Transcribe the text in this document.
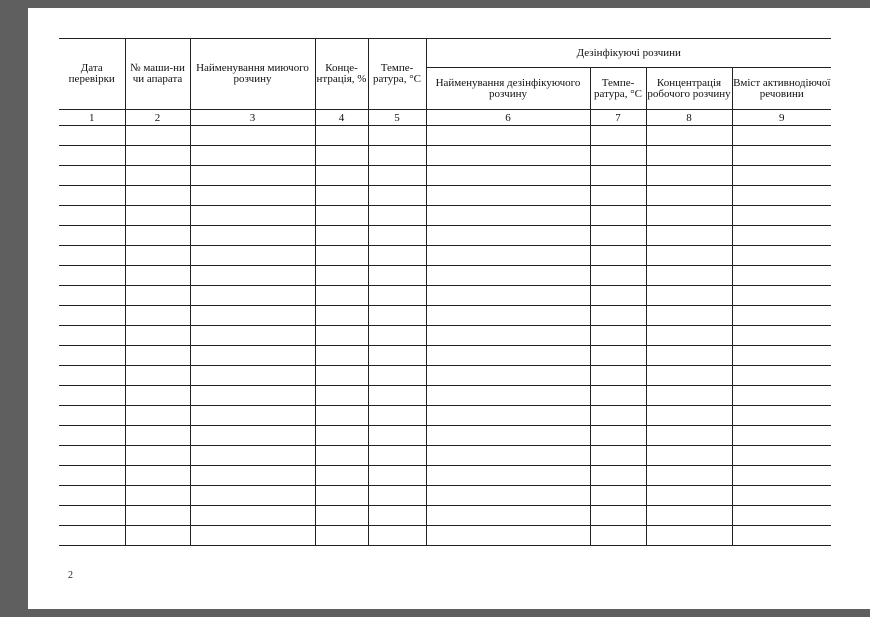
Дата перевірки	№ маши-ни чи апарата	Найменування миючого розчину	Конце-нтрація, %	Темпе-ратура, °С	Дезінфікуючі розчини			
					Найменування дезінфікуючого розчину	Темпе-ратура, °С	Концентрація робочого розчину	Вміст активнодіючої речовини
1	2	3	4	5	6	7	8	9

2
